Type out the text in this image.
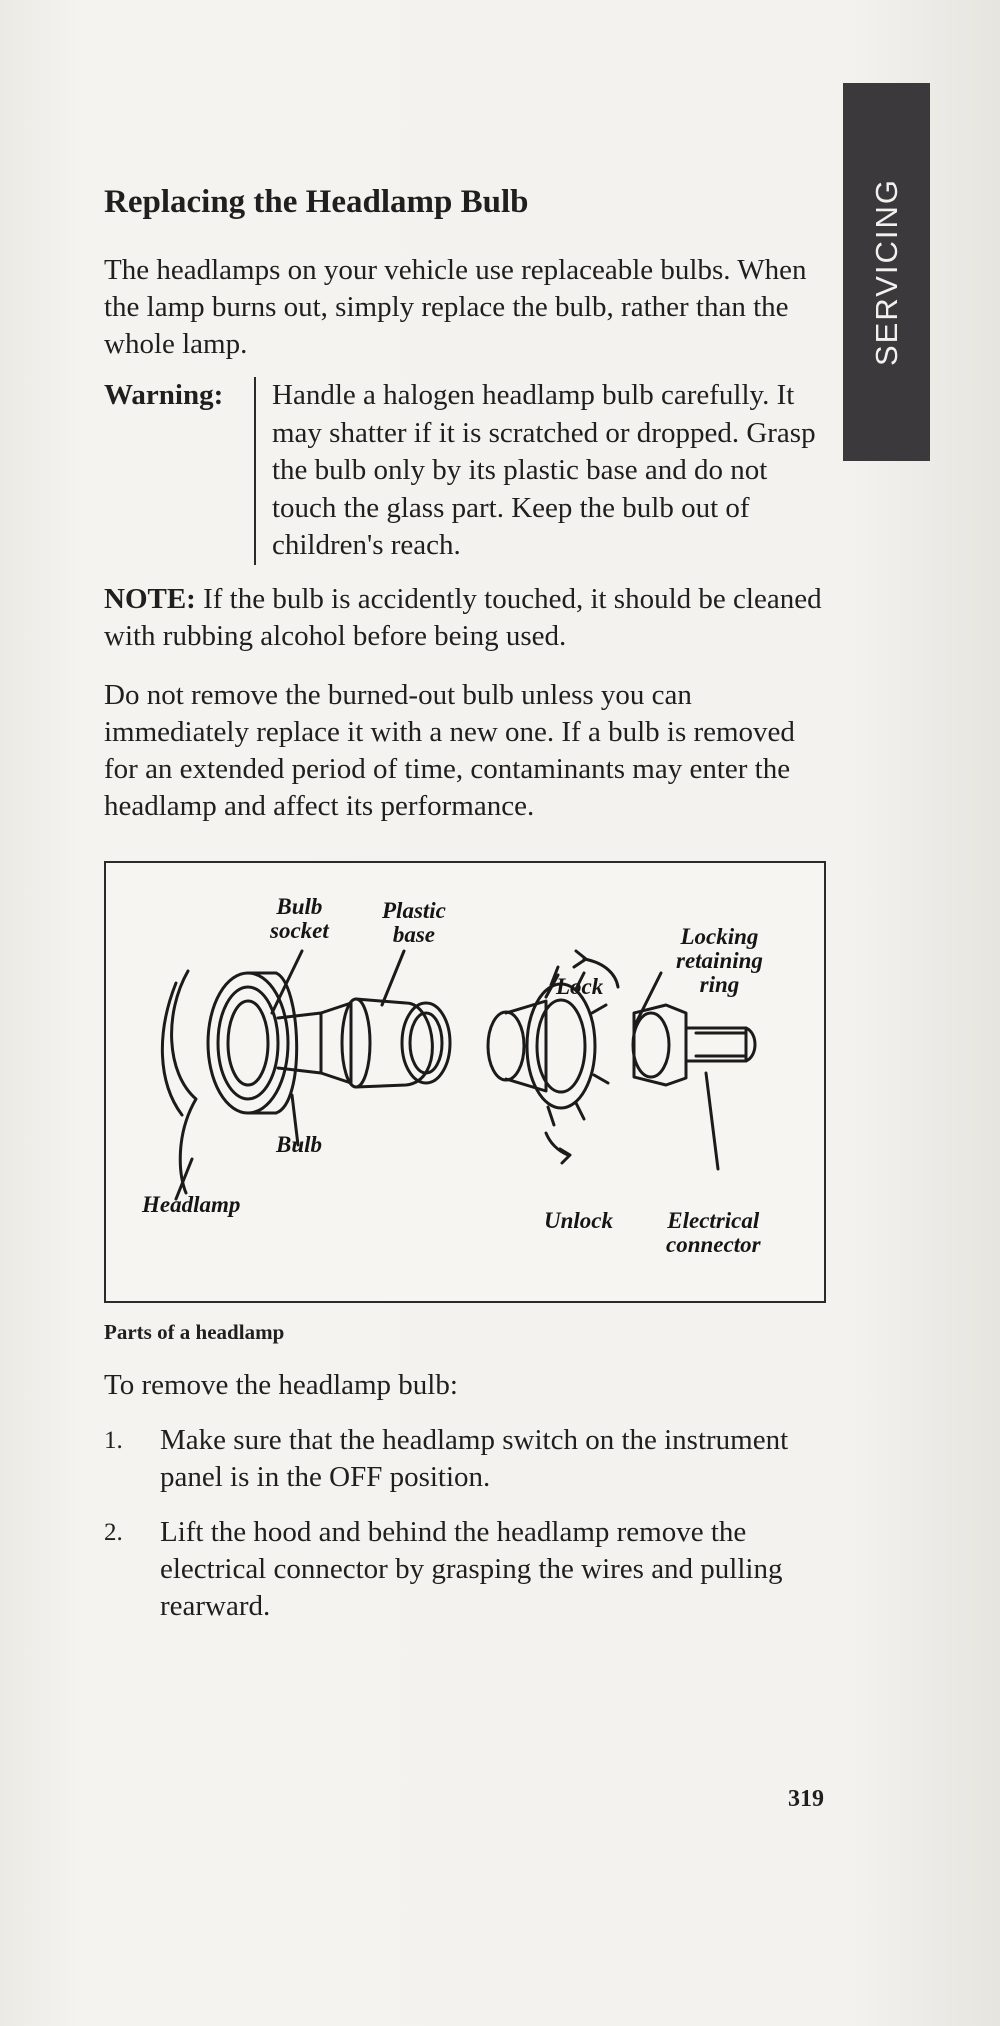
SERVICING
Replacing the Headlamp Bulb

The headlamps on your vehicle use replaceable bulbs. When the lamp burns out, simply replace the bulb, rather than the whole lamp.

Warning:	Handle a halogen headlamp bulb carefully. It may shatter if it is scratched or dropped. Grasp the bulb only by its plastic base and do not touch the glass part. Keep the bulb out of children's reach.

NOTE: If the bulb is accidently touched, it should be cleaned with rubbing alcohol before being used.

Do not remove the burned-out bulb unless you can immediately replace it with a new one. If a bulb is removed for an extended period of time, contaminants may enter the headlamp and affect its performance.

Bulb
socket
Plastic
base	Locking
retaining
ring
Lock
Bulb
Headlamp
Unlock Electrical
connector
Parts of a headlamp

To remove the headlamp bulb:

1.	Make sure that the headlamp switch on the instrument panel is in the OFF position.
2.	Lift the hood and behind the headlamp remove the electrical connector by grasping the wires and pulling rearward.
319
